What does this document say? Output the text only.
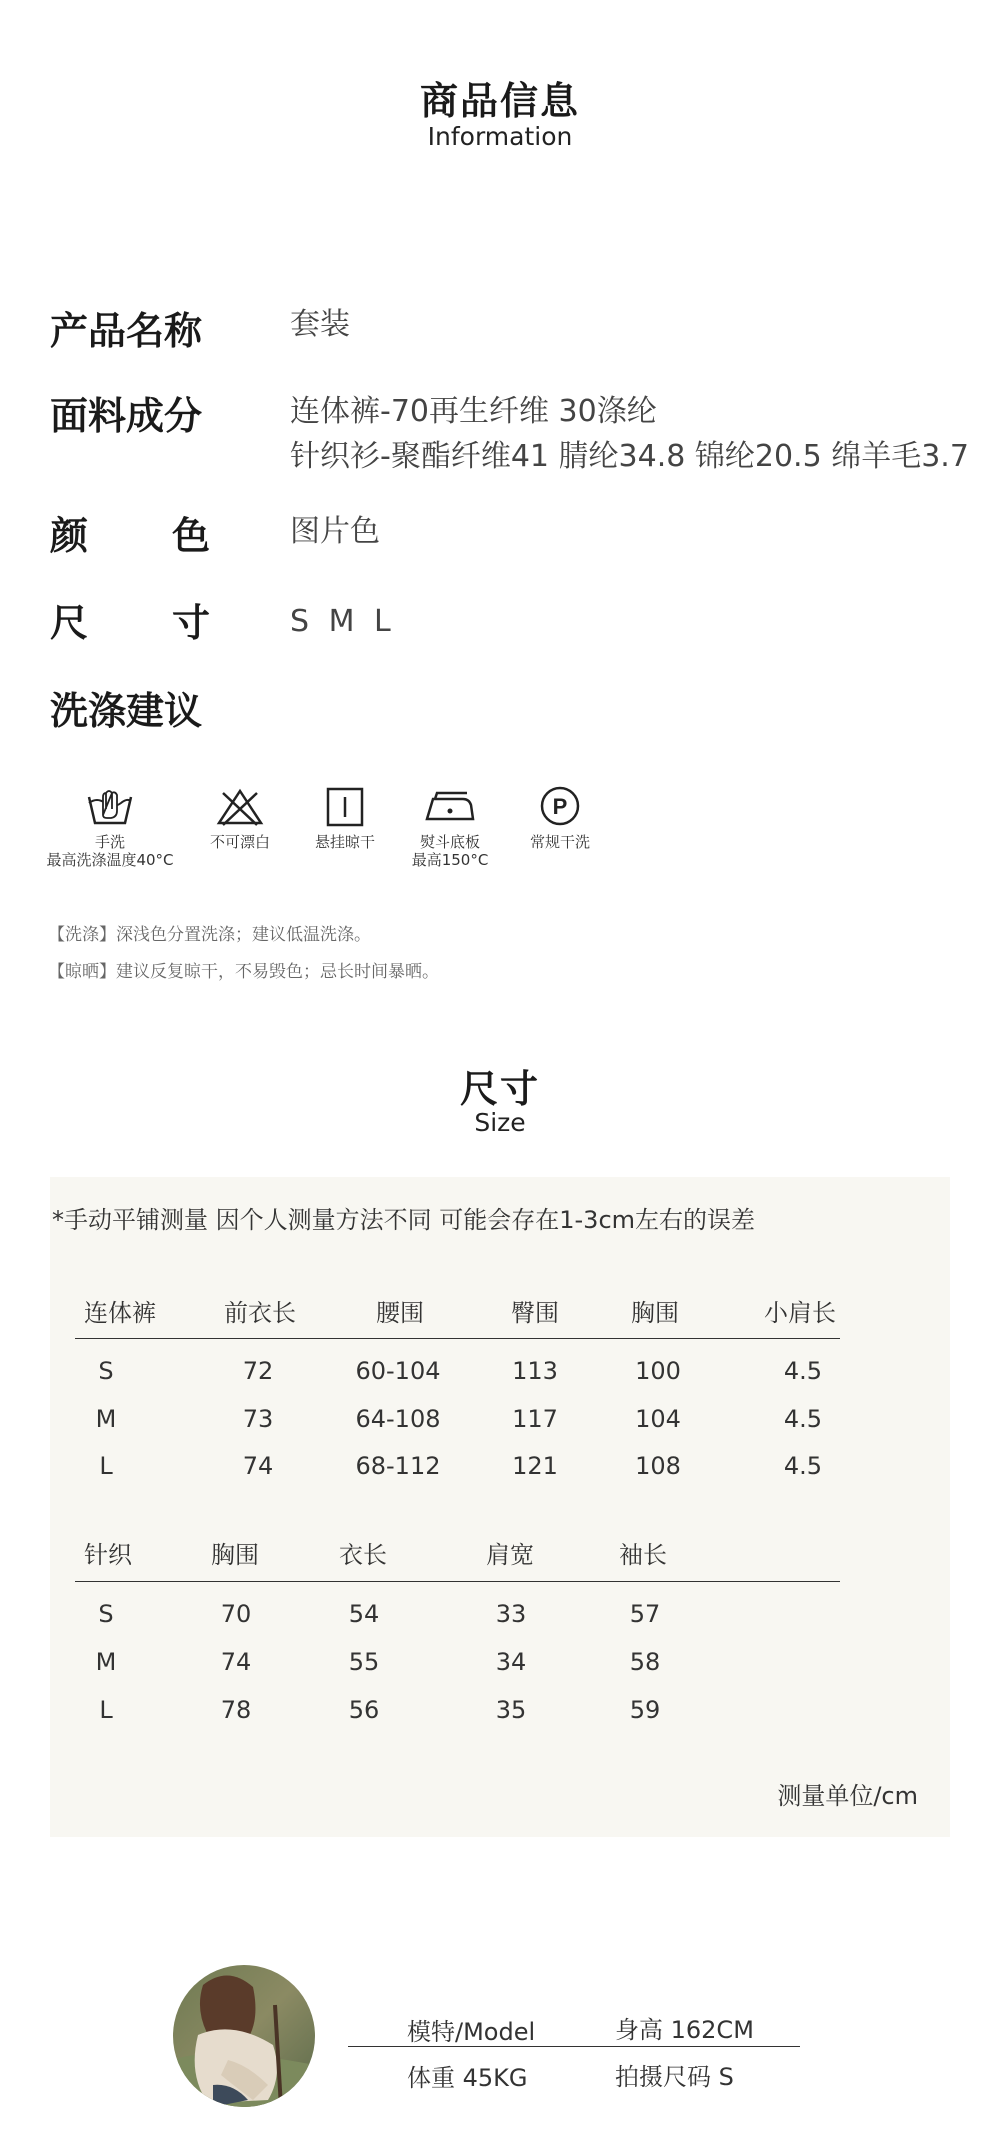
商品信息
Information
产品名称	套装
面料成分	连体裤-70再生纤维 30涤纶
针织衫-聚酯纤维41 腈纶34.8 锦纶20.5 绵羊毛3.7
颜 色	图片色
尺 寸	S M L
洗涤建议
手洗
最高洗涤温度40°C
不可漂白	悬挂晾干	熨斗底板
最高150°C
P
常规干洗
【洗涤】深浅色分置洗涤；建议低温洗涤。
【晾晒】建议反复晾干，不易毁色；忌长时间暴晒。
尺寸
Size
*手动平铺测量 因个人测量方法不同 可能会存在1-3cm左右的误差
连体裤	前衣长	腰围	臀围	胸围	小肩长
S	72	60-104	113	100	4.5
M	73	64-108	117	104	4.5
L	74	68-112	121	108	4.5
针织	胸围	衣长	肩宽	袖长
S	70	54	33	57
M	74	55	34	58
L	78	56	35	59
测量单位/cm
模特/Model	身高 162CM
体重 45KG	拍摄尺码 S
